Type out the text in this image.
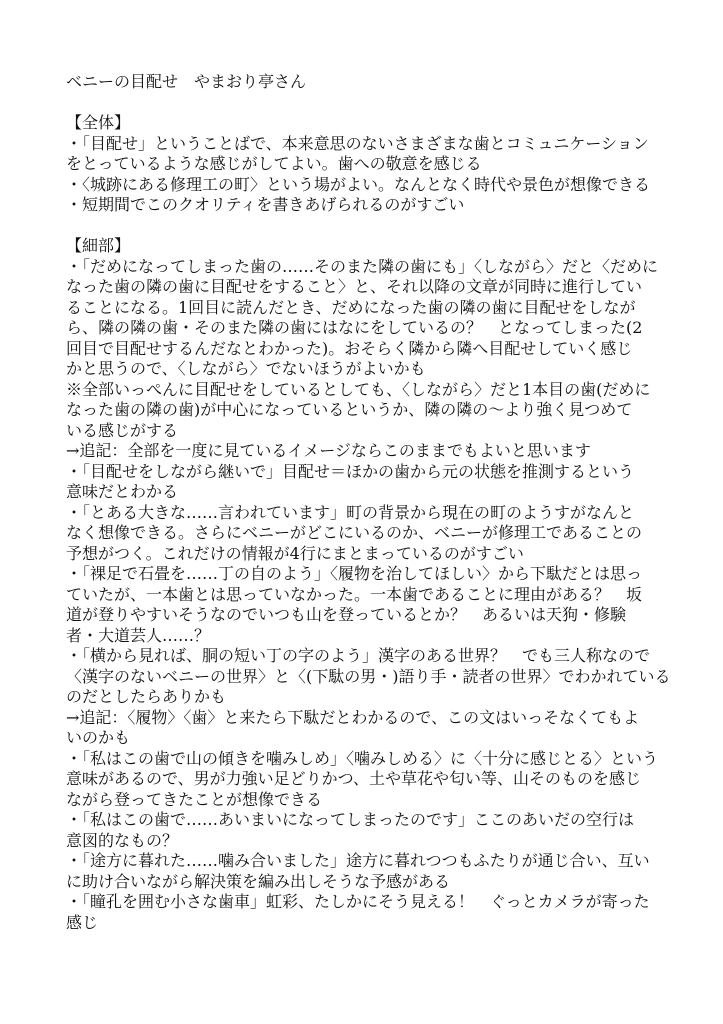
ベニーの目配せ　やまおり亭さん
【全体】
・「目配せ」ということばで、本来意思のないさまざまな歯とコミュニケーション
をとっているような感じがしてよい。歯への敬意を感じる
・〈城跡にある修理工の町〉という場がよい。なんとなく時代や景色が想像できる
・短期間でこのクオリティを書きあげられるのがすごい
【細部】
・「だめになってしまった歯の……そのまた隣の歯にも」〈しながら〉だと〈だめに
なった歯の隣の歯に目配せをすること〉と、それ以降の文章が同時に進行してい
ることになる。1回目に読んだとき、だめになった歯の隣の歯に目配せをしなが
ら、隣の隣の歯・そのまた隣の歯にはなにをしているの？　となってしまった(2
回目で目配せするんだなとわかった)。おそらく隣から隣へ目配せしていく感じ
かと思うので、〈しながら〉でないほうがよいかも
※全部いっぺんに目配せをしているとしても、〈しながら〉だと1本目の歯(だめに
なった歯の隣の歯)が中心になっているというか、隣の隣の～より強く見つめて
いる感じがする
→追記：全部を一度に見ているイメージならこのままでもよいと思います
・「目配せをしながら継いで」目配せ＝ほかの歯から元の状態を推測するという
意味だとわかる
・「とある大きな……言われています」町の背景から現在の町のようすがなんと
なく想像できる。さらにベニーがどこにいるのか、ベニーが修理工であることの
予想がつく。これだけの情報が4行にまとまっているのがすごい
・「裸足で石畳を……丁の自のよう」〈履物を治してほしい〉から下駄だとは思っ
ていたが、一本歯とは思っていなかった。一本歯であることに理由がある？　坂
道が登りやすいそうなのでいつも山を登っているとか？　あるいは天狗・修験
者・大道芸人……？
・「横から見れば、胴の短い丁の字のよう」漢字のある世界？　でも三人称なので
〈漢字のないベニーの世界〉と〈(下駄の男・)語り手・読者の世界〉でわかれている
のだとしたらありかも
→追記：〈履物〉〈歯〉と来たら下駄だとわかるので、この文はいっそなくてもよ
いのかも
・「私はこの歯で山の傾きを噛みしめ」〈噛みしめる〉に〈十分に感じとる〉という
意味があるので、男が力強い足どりかつ、土や草花や匂い等、山そのものを感じ
ながら登ってきたことが想像できる
・「私はこの歯で……あいまいになってしまったのです」ここのあいだの空行は
意図的なもの？
・「途方に暮れた……噛み合いました」途方に暮れつつもふたりが通じ合い、互い
に助け合いながら解決策を編み出しそうな予感がある
・「瞳孔を囲む小さな歯車」虹彩、たしかにそう見える！　ぐっとカメラが寄った
感じ
